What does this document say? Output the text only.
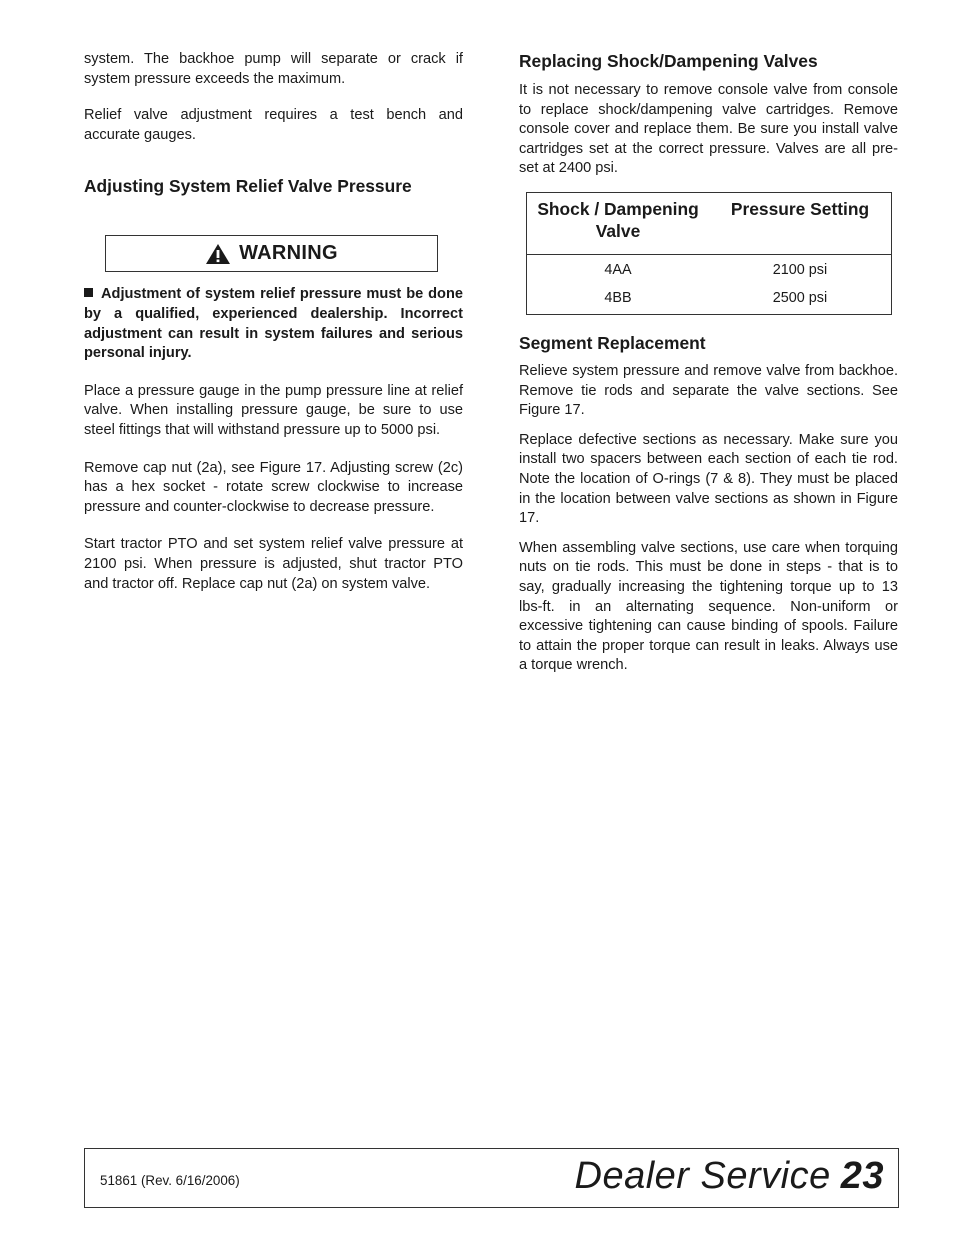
system. The backhoe pump will separate or crack if system pressure exceeds the maximum.

Relief valve adjustment requires a test bench and accurate gauges.

Adjusting System Relief Valve Pressure
WARNING

Adjustment of system relief pressure must be done by a qualified, experienced dealership. Incorrect adjustment can result in system failures and serious personal injury.

Place a pressure gauge in the pump pressure line at relief valve. When installing pressure gauge, be sure to use steel fittings that will withstand pressure up to 5000 psi.

Remove cap nut (2a), see Figure 17. Adjusting screw (2c) has a hex socket - rotate screw clockwise to increase pressure and counter-clockwise to decrease pressure.

Start tractor PTO and set system relief valve pressure at 2100 psi. When pressure is adjusted, shut tractor PTO and tractor off. Replace cap nut (2a) on system valve.

Replacing Shock/Dampening Valves

It is not necessary to remove console valve from console to replace shock/dampening valve cartridges. Remove console cover and replace them. Be sure you install valve cartridges set at the correct pressure. Valves are all pre-set at 2400 psi.

Shock / Dampening Valve	Pressure Setting
4AA	2100 psi
4BB	2500 psi
Segment Replacement

Relieve system pressure and remove valve from backhoe. Remove tie rods and separate the valve sections. See Figure 17.

Replace defective sections as necessary. Make sure you install two spacers between each section of each tie rod. Note the location of O-rings (7 & 8). They must be placed in the location between valve sections as shown in Figure 17.

When assembling valve sections, use care when torquing nuts on tie rods. This must be done in steps - that is to say, gradually increasing the tightening torque up to 13 lbs-ft. in an alternating sequence. Non-uniform or excessive tightening can cause binding of spools. Failure to attain the proper torque can result in leaks. Always use a torque wrench.

51861 (Rev. 6/16/2006)	Dealer Service 23
